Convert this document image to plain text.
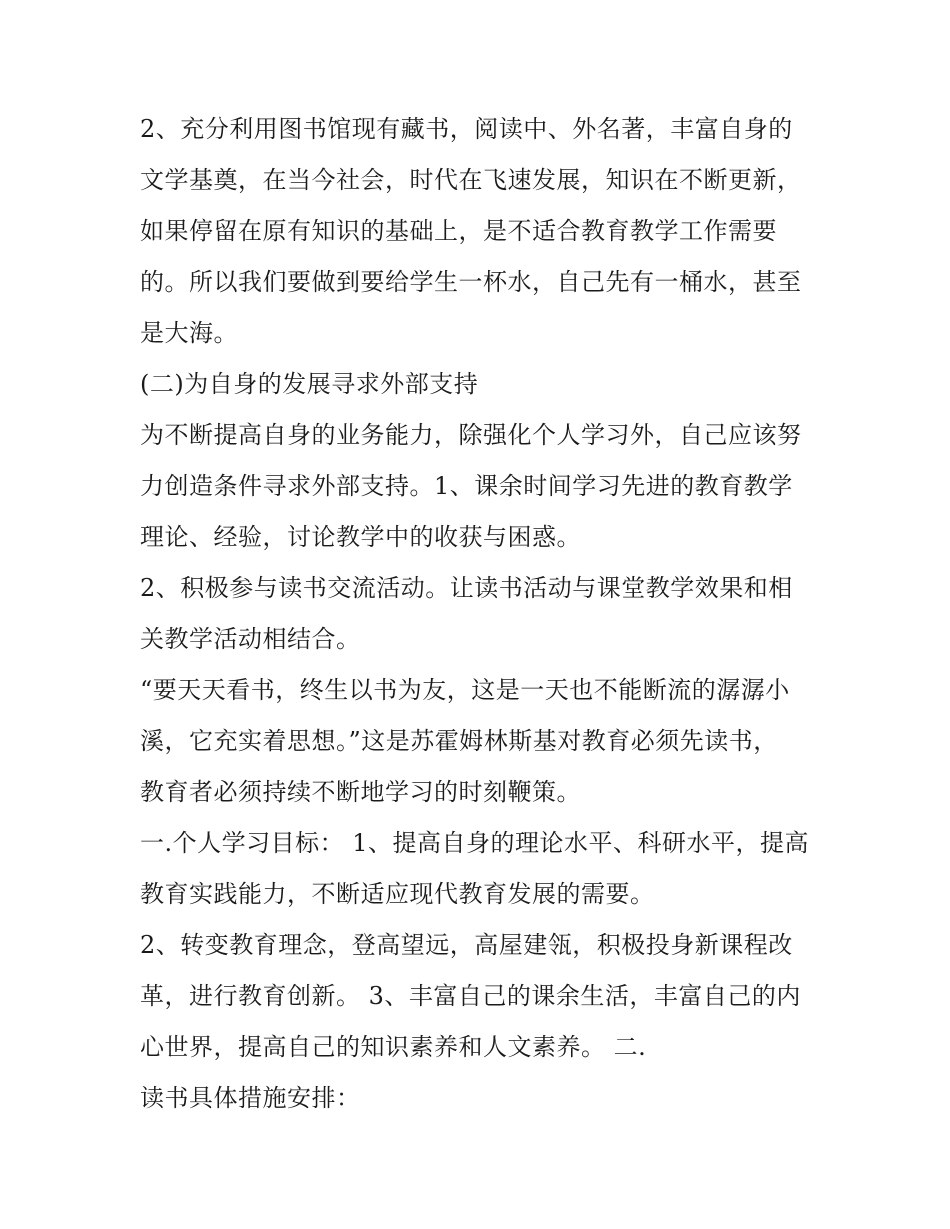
2、充分利用图书馆现有藏书，阅读中、外名著，丰富自身的
文学基奠，在当今社会，时代在飞速发展，知识在不断更新，
如果停留在原有知识的基础上，是不适合教育教学工作需要
的。所以我们要做到要给学生一杯水，自己先有一桶水，甚至
是大海。

(二)为自身的发展寻求外部支持

为不断提高自身的业务能力，除强化个人学习外，自己应该努
力创造条件寻求外部支持。1、课余时间学习先进的教育教学
理论、经验，讨论教学中的收获与困惑。

2、积极参与读书交流活动。让读书活动与课堂教学效果和相
关教学活动相结合。

“要天天看书，终生以书为友，这是一天也不能断流的潺潺小
溪，它充实着思想。”这是苏霍姆林斯基对教育必须先读书，
教育者必须持续不断地学习的时刻鞭策。

一.个人学习目标： 1、提高自身的理论水平、科研水平，提高
教育实践能力，不断适应现代教育发展的需要。

2、转变教育理念，登高望远，高屋建瓴，积极投身新课程改
革，进行教育创新。 3、丰富自己的课余生活，丰富自己的内
心世界，提高自己的知识素养和人文素养。 二.

读书具体措施安排：
